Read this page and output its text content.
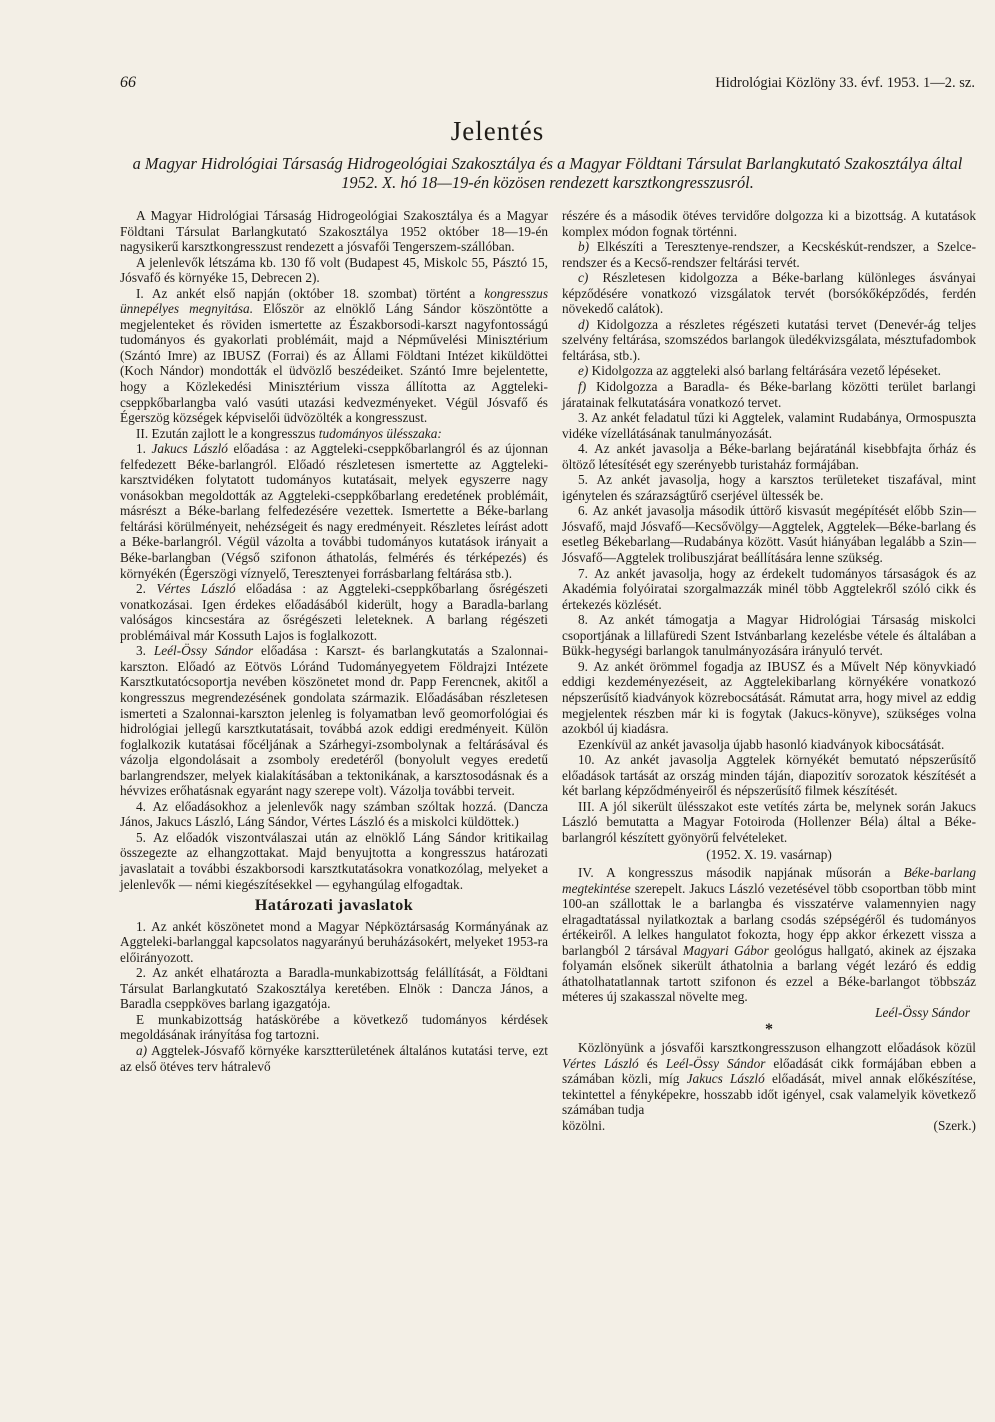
66	Hidrológiai Közlöny 33. évf. 1953. 1—2. sz.
Jelentés
a Magyar Hidrológiai Társaság Hidrogeológiai Szakosztálya és a Magyar Földtani Társulat Barlangkutató Szakosztálya által 1952. X. hó 18—19-én közösen rendezett karsztkongresszusról.

A Magyar Hidrológiai Társaság Hidrogeológiai Szakosztálya és a Magyar Földtani Társulat Barlangkutató Szakosztálya 1952 október 18—19-én nagysikerű karsztkongresszust rendezett a jósvafői Tengerszem-szállóban.

A jelenlevők létszáma kb. 130 fő volt (Budapest 45, Miskolc 55, Pásztó 15, Jósvafő és környéke 15, Debrecen 2).

I. Az ankét első napján (október 18. szombat) történt a kongresszus ünnepélyes megnyitása. Először az elnöklő Láng Sándor köszöntötte a megjelenteket és röviden ismertette az Északborsodi-karszt nagyfontosságú tudományos és gyakorlati problémáit, majd a Népművelési Minisztérium (Szántó Imre) az IBUSZ (Forrai) és az Állami Földtani Intézet kiküldöttei (Koch Nándor) mondották el üdvözlő beszédeiket. Szántó Imre bejelentette, hogy a Közlekedési Minisztérium vissza állította az Aggteleki-cseppkőbarlangba való vasúti utazási kedvezményeket. Végül Jósvafő és Égerszög községek képviselői üdvözölték a kongresszust.

II. Ezután zajlott le a kongresszus tudományos ülésszaka:

1. Jakucs László előadása : az Aggteleki-cseppkőbarlangról és az újonnan felfedezett Béke-barlangról. Előadó részletesen ismertette az Aggteleki-karsztvidéken folytatott tudományos kutatásait, melyek egyszerre nagy vonásokban megoldották az Aggteleki-cseppkőbarlang eredetének problémáit, másrészt a Béke-barlang felfedezésére vezettek. Ismertette a Béke-barlang feltárási körülményeit, nehézségeit és nagy eredményeit. Részletes leírást adott a Béke-barlangról. Végül vázolta a további tudományos kutatások irányait a Béke-barlangban (Végső szifonon áthatolás, felmérés és térképezés) és környékén (Égerszögi víznyelő, Teresztenyei forrásbarlang feltárása stb.).

2. Vértes László előadása : az Aggteleki-cseppkőbarlang ősrégészeti vonatkozásai. Igen érdekes előadásából kiderült, hogy a Baradla-barlang valóságos kincsestára az ősrégészeti leleteknek. A barlang régészeti problémáival már Kossuth Lajos is foglalkozott.

3. Leél-Össy Sándor előadása : Karszt- és barlangkutatás a Szalonnai-karszton. Előadó az Eötvös Lóránd Tudományegyetem Földrajzi Intézete Karsztkutatócsoportja nevében köszönetet mond dr. Papp Ferencnek, akitől a kongresszus megrendezésének gondolata származik. Előadásában részletesen ismerteti a Szalonnai-karszton jelenleg is folyamatban levő geomorfológiai és hidrológiai jellegű karsztkutatásait, továbbá azok eddigi eredményeit. Külön foglalkozik kutatásai főcéljának a Szárhegyi-zsombolynak a feltárásával és vázolja elgondolásait a zsomboly eredetéről (bonyolult vegyes eredetű barlangrendszer, melyek kialakításában a tektonikának, a karsztosodásnak és a hévvizes erőhatásnak egyaránt nagy szerepe volt). Vázolja további terveit.

4. Az előadásokhoz a jelenlevők nagy számban szóltak hozzá. (Dancza János, Jakucs László, Láng Sándor, Vértes László és a miskolci küldöttek.)

5. Az előadók viszontválaszai után az elnöklő Láng Sándor kritikailag összegezte az elhangzottakat. Majd benyujtotta a kongresszus határozati javaslatait a további északborsodi karsztkutatásokra vonatkozólag, melyeket a jelenlevők — némi kiegészítésekkel — egyhangúlag elfogadtak.

Határozati javaslatok

1. Az ankét köszönetet mond a Magyar Népköztársaság Kormányának az Aggteleki-barlanggal kapcsolatos nagyarányú beruházásokért, melyeket 1953-ra előirányozott.

2. Az ankét elhatározta a Baradla-munkabizottság felállítását, a Földtani Társulat Barlangkutató Szakosztálya keretében. Elnök : Dancza János, a Baradla cseppköves barlang igazgatója.

E munkabizottság hatáskörébe a következő tudományos kérdések megoldásának irányítása fog tartozni.

a) Aggtelek-Jósvafő környéke karsztterületének általános kutatási terve, ezt az első ötéves terv hátralevő

részére és a második ötéves tervidőre dolgozza ki a bizottság. A kutatások komplex módon fognak történni.

b) Elkészíti a Teresztenye-rendszer, a Kecskéskút-rendszer, a Szelce-rendszer és a Kecső-rendszer feltárási tervét.

c) Részletesen kidolgozza a Béke-barlang különleges ásványai képződésére vonatkozó vizsgálatok tervét (borsókőképződés, ferdén növekedő calátok).

d) Kidolgozza a részletes régészeti kutatási tervet (Denevér-ág teljes szelvény feltárása, szomszédos barlangok üledékvizsgálata, mésztufadombok feltárása, stb.).

e) Kidolgozza az aggteleki alsó barlang feltárására vezető lépéseket.

f) Kidolgozza a Baradla- és Béke-barlang közötti terület barlangi járatainak felkutatására vonatkozó tervet.

3. Az ankét feladatul tűzi ki Aggtelek, valamint Rudabánya, Ormospuszta vidéke vízellátásának tanulmányozását.

4. Az ankét javasolja a Béke-barlang bejáratánál kisebbfajta őrház és öltöző létesítését egy szerényebb turistaház formájában.

5. Az ankét javasolja, hogy a karsztos területeket tiszafával, mint igénytelen és szárazságtűrő cserjével ültessék be.

6. Az ankét javasolja második úttörő kisvasút megépítését előbb Szin—Jósvafő, majd Jósvafő—Kecsővölgy—Aggtelek, Aggtelek—Béke-barlang és esetleg Békebarlang—Rudabánya között. Vasút hiányában legalább a Szin—Jósvafő—Aggtelek trolibuszjárat beállítására lenne szükség.

7. Az ankét javasolja, hogy az érdekelt tudományos társaságok és az Akadémia folyóiratai szorgalmazzák minél több Aggtelekről szóló cikk és értekezés közlését.

8. Az ankét támogatja a Magyar Hidrológiai Társaság miskolci csoportjának a lillafüredi Szent Istvánbarlang kezelésbe vétele és általában a Bükk-hegységi barlangok tanulmányozására irányuló tervét.

9. Az ankét örömmel fogadja az IBUSZ és a Művelt Nép könyvkiadó eddigi kezdeményezéseit, az Aggtelekibarlang környékére vonatkozó népszerűsítő kiadványok közrebocsátását. Rámutat arra, hogy mivel az eddig megjelentek részben már ki is fogytak (Jakucs-könyve), szükséges volna azokból új kiadásra.

Ezenkívül az ankét javasolja újabb hasonló kiadványok kibocsátását.

10. Az ankét javasolja Aggtelek környékét bemutató népszerűsítő előadások tartását az ország minden táján, diapozitív sorozatok készítését a két barlang képződményeiről és népszerűsítő filmek készítését.

III. A jól sikerült ülésszakot este vetítés zárta be, melynek során Jakucs László bemutatta a Magyar Fotoiroda (Hollenzer Béla) által a Béke-barlangról készített gyönyörű felvételeket.

(1952. X. 19. vasárnap)

IV. A kongresszus második napjának műsorán a Béke-barlang megtekintése szerepelt. Jakucs László vezetésével több csoportban több mint 100-an szállottak le a barlangba és visszatérve valamennyien nagy elragadtatással nyilatkoztak a barlang csodás szépségéről és tudományos értékeiről. A lelkes hangulatot fokozta, hogy épp akkor érkezett vissza a barlangból 2 társával Magyari Gábor geológus hallgató, akinek az éjszaka folyamán elsőnek sikerült áthatolnia a barlang végét lezáró és eddig áthatolhatatlannak tartott szifonon és ezzel a Béke-barlangot többszáz méteres új szakasszal növelte meg.

Leél-Össy Sándor

*

Közlönyünk a jósvafői karsztkongresszuson elhangzott előadások közül Vértes László és Leél-Össy Sándor előadását cikk formájában ebben a számában közli, míg Jakucs László előadását, mivel annak előkészítése, tekintettel a fényképekre, hosszabb időt igényel, csak valamelyik következő számában tudja

közölni.	(Szerk.)
